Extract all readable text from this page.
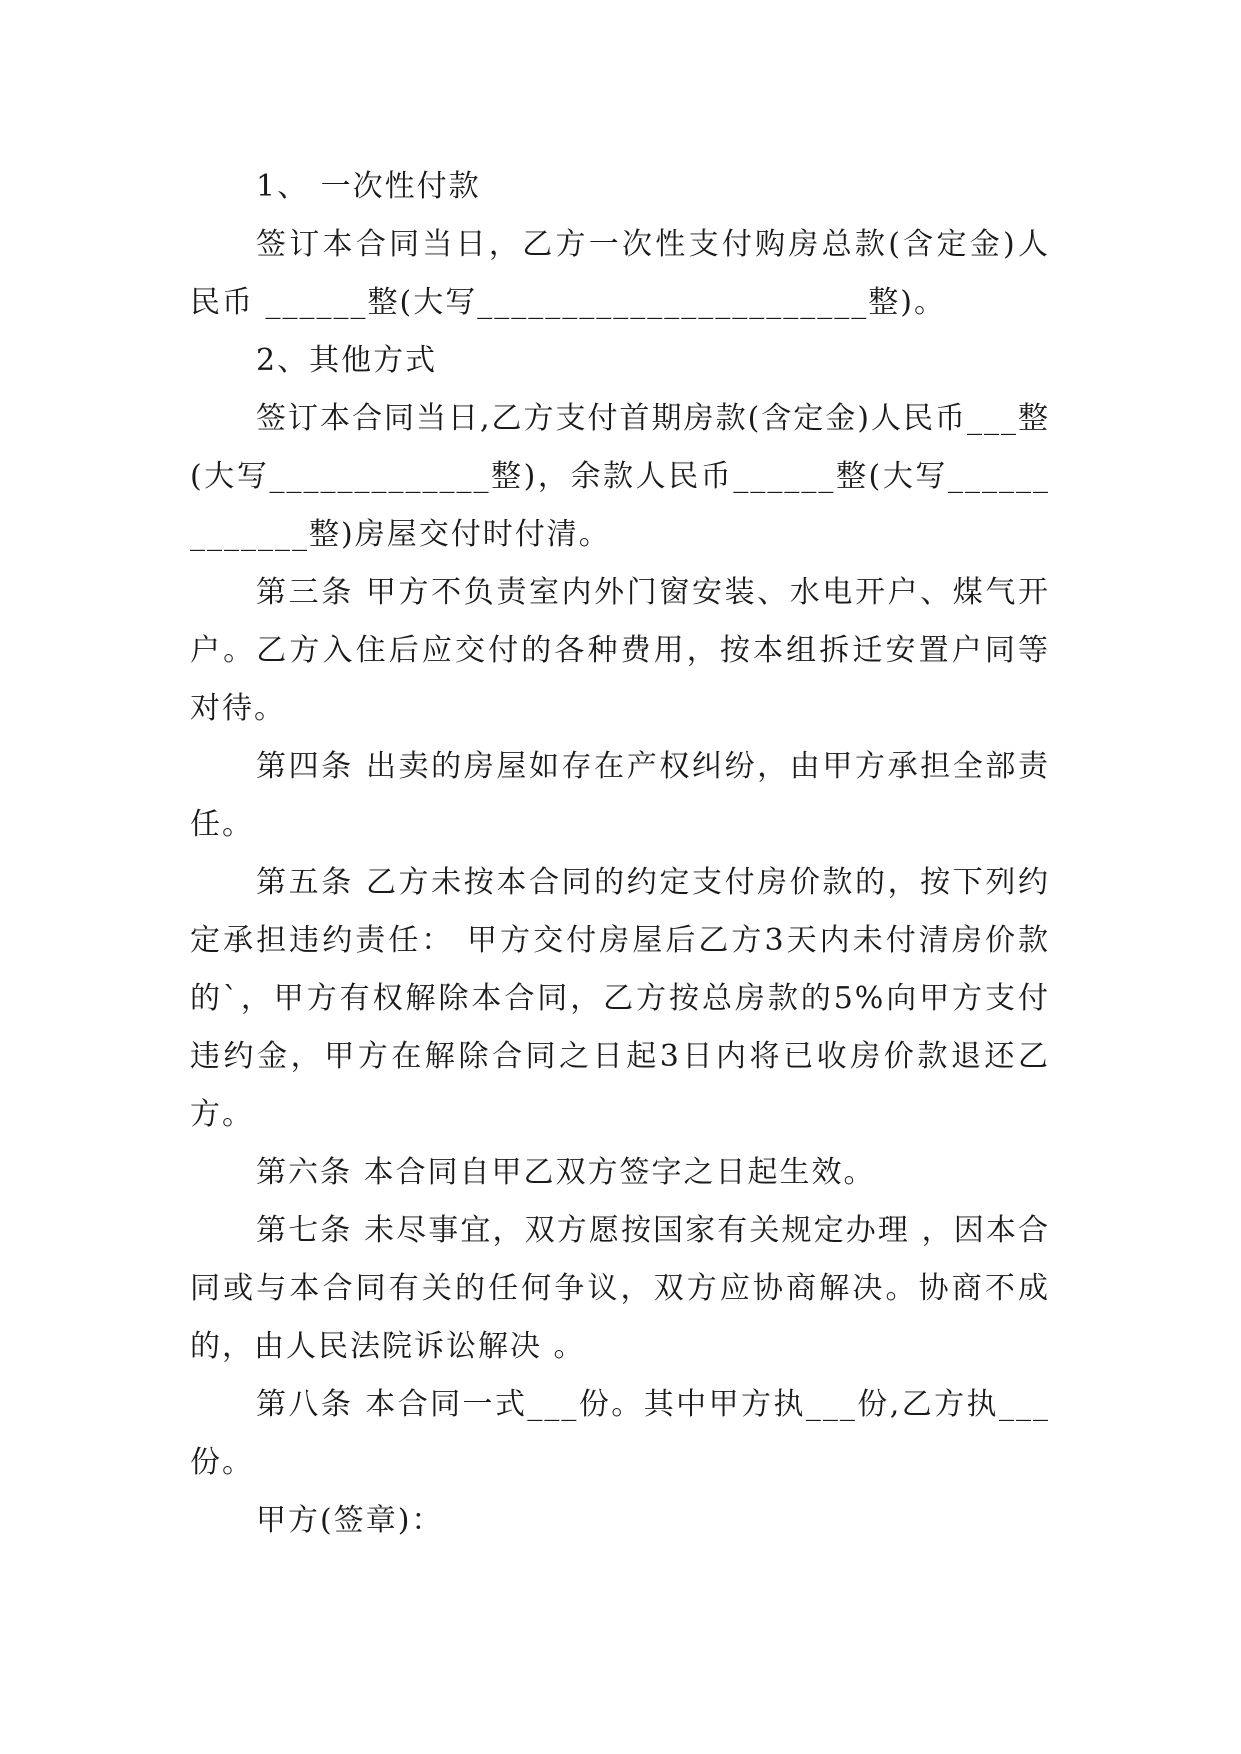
1、 一次性付款

签订本合同当日，乙方一次性支付购房总款(含定金)人民币 ______整(大写_______________________整)。

2、其他方式

签订本合同当日,乙方支付首期房款(含定金)人民币___整(大写_____________整)，余款人民币______整(大写_____________整)房屋交付时付清。

第三条 甲方不负责室内外门窗安装、水电开户、煤气开户。乙方入住后应交付的各种费用，按本组拆迁安置户同等对待。

第四条 出卖的房屋如存在产权纠纷，由甲方承担全部责任。

第五条 乙方未按本合同的约定支付房价款的，按下列约定承担违约责任： 甲方交付房屋后乙方3天内未付清房价款的`，甲方有权解除本合同，乙方按总房款的5%向甲方支付违约金，甲方在解除合同之日起3日内将已收房价款退还乙方。

第六条 本合同自甲乙双方签字之日起生效。

第七条 未尽事宜，双方愿按国家有关规定办理 ，因本合同或与本合同有关的任何争议，双方应协商解决。协商不成的，由人民法院诉讼解决 。

第八条 本合同一式___份。其中甲方执___份,乙方执___份。

甲方(签章)：
